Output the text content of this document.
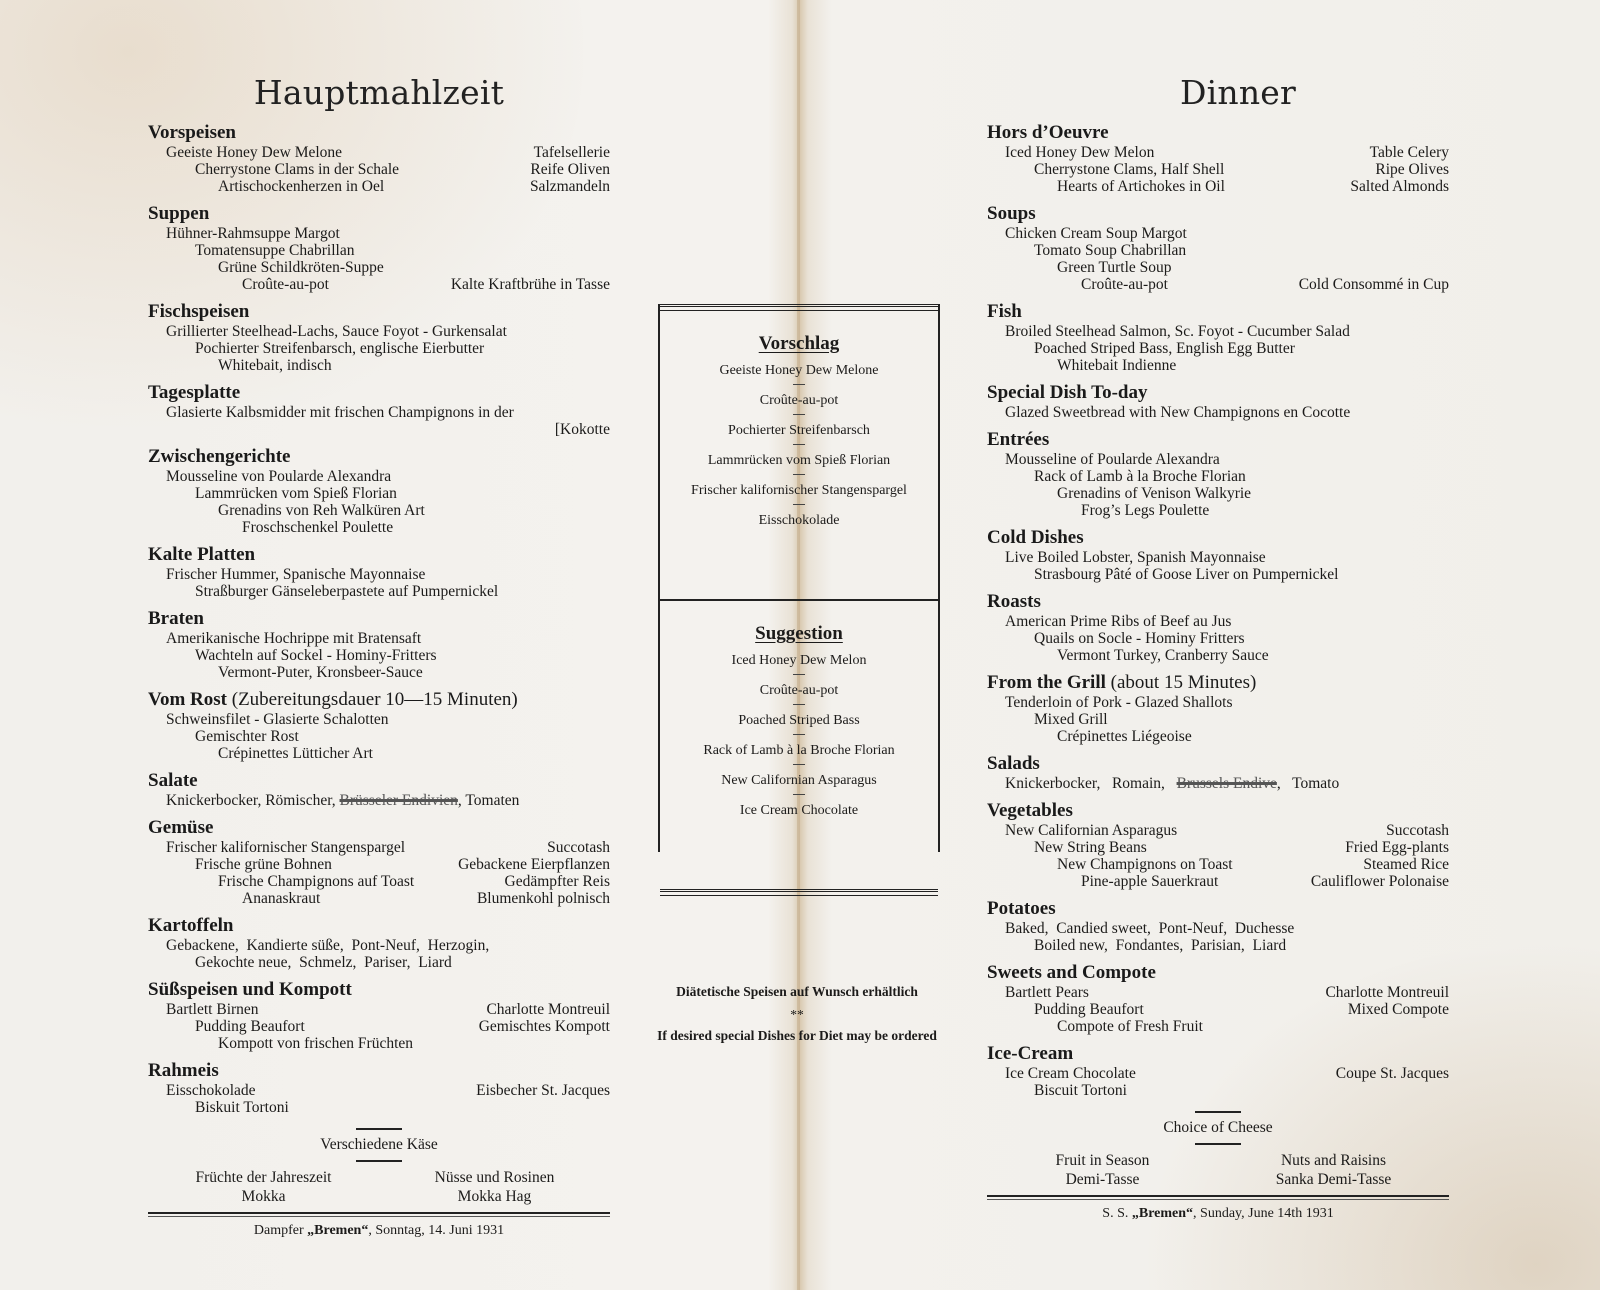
Hauptmahlzeit
Vorspeisen
Geeiste Honey Dew Melone	Tafelsellerie
Cherrystone Clams in der Schale	Reife Oliven
Artischockenherzen in Oel	Salzmandeln
Suppen
Hühner-Rahmsuppe Margot
Tomatensuppe Chabrillan
Grüne Schildkröten-Suppe
Croûte-au-pot	Kalte Kraftbrühe in Tasse
Fischspeisen
Grillierter Steelhead-Lachs, Sauce Foyot - Gurkensalat
Pochierter Streifenbarsch, englische Eierbutter
Whitebait, indisch
Tagesplatte
Glasierte Kalbsmidder mit frischen Champignons in der
[Kokotte
Zwischengerichte
Mousseline von Poularde Alexandra
Lammrücken vom Spieß Florian
Grenadins von Reh Walküren Art
Froschschenkel Poulette
Kalte Platten
Frischer Hummer, Spanische Mayonnaise
Straßburger Gänseleberpastete auf Pumpernickel
Braten
Amerikanische Hochrippe mit Bratensaft
Wachteln auf Sockel - Hominy-Fritters
Vermont-Puter, Kronsbeer-Sauce
Vom Rost (Zubereitungsdauer 10—15 Minuten)
Schweinsfilet - Glasierte Schalotten
Gemischter Rost
Crépinettes Lütticher Art
Salate
Knickerbocker, Römischer, Brüsseler Endivien, Tomaten
Gemüse
Frischer kalifornischer Stangenspargel	Succotash
Frische grüne Bohnen	Gebackene Eierpflanzen
Frische Champignons auf Toast	Gedämpfter Reis
Ananaskraut	Blumenkohl polnisch
Kartoffeln
Gebackene,  Kandierte süße,  Pont-Neuf,  Herzogin,
Gekochte neue,  Schmelz,  Pariser,  Liard
Süßspeisen und Kompott
Bartlett Birnen	Charlotte Montreuil
Pudding Beaufort	Gemischtes Kompott
Kompott von frischen Früchten
Rahmeis
Eisschokolade	Eisbecher St. Jacques
Biskuit Tortoni
Verschiedene Käse
Früchte der Jahreszeit	Nüsse und Rosinen
Mokka	Mokka Hag
Dampfer „Bremen“, Sonntag, 14. Juni 1931
Vorschlag
Geeiste Honey Dew Melone
Croûte-au-pot
Pochierter Streifenbarsch
Lammrücken vom Spieß Florian
Frischer kalifornischer Stangenspargel
Eisschokolade
Suggestion
Iced Honey Dew Melon
Croûte-au-pot
Poached Striped Bass
Rack of Lamb à la Broche Florian
New Californian Asparagus
Ice Cream Chocolate
Diätetische Speisen auf Wunsch erhältlich
**
If desired special Dishes for Diet may be ordered
Dinner
Hors d’Oeuvre
Iced Honey Dew Melon	Table Celery
Cherrystone Clams, Half Shell	Ripe Olives
Hearts of Artichokes in Oil	Salted Almonds
Soups
Chicken Cream Soup Margot
Tomato Soup Chabrillan
Green Turtle Soup
Croûte-au-pot	Cold Consommé in Cup
Fish
Broiled Steelhead Salmon, Sc. Foyot - Cucumber Salad
Poached Striped Bass, English Egg Butter
Whitebait Indienne
Special Dish To-day
Glazed Sweetbread with New Champignons en Cocotte
Entrées
Mousseline of Poularde Alexandra
Rack of Lamb à la Broche Florian
Grenadins of Venison Walkyrie
Frog’s Legs Poulette
Cold Dishes
Live Boiled Lobster, Spanish Mayonnaise
Strasbourg Pâté of Goose Liver on Pumpernickel
Roasts
American Prime Ribs of Beef au Jus
Quails on Socle - Hominy Fritters
Vermont Turkey, Cranberry Sauce
From the Grill (about 15 Minutes)
Tenderloin of Pork - Glazed Shallots
Mixed Grill
Crépinettes Liégeoise
Salads
Knickerbocker,   Romain,   Brussels Endive,   Tomato
Vegetables
New Californian Asparagus	Succotash
New String Beans	Fried Egg-plants
New Champignons on Toast	Steamed Rice
Pine-apple Sauerkraut	Cauliflower Polonaise
Potatoes
Baked,  Candied sweet,  Pont-Neuf,  Duchesse
Boiled new,  Fondantes,  Parisian,  Liard
Sweets and Compote
Bartlett Pears	Charlotte Montreuil
Pudding Beaufort	Mixed Compote
Compote of Fresh Fruit
Ice-Cream
Ice Cream Chocolate	Coupe St. Jacques
Biscuit Tortoni
Choice of Cheese
Fruit in Season	Nuts and Raisins
Demi-Tasse	Sanka Demi-Tasse
S. S. „Bremen“, Sunday, June 14th 1931
